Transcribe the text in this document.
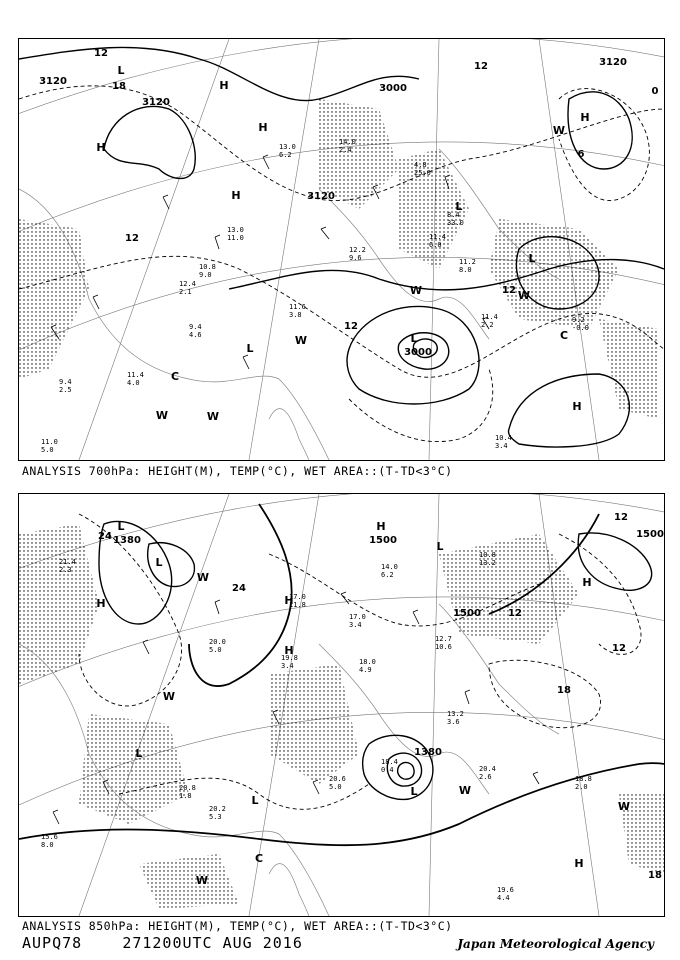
H
H
H
H
H
H
L
L
L
L
L
W	W
W
W
W
W
C
C
3120
3120
3120
3120
3000
3000
12
12
12
12
12
18
6
0
11.2
8.0
13.0
6.2
9.4
4.6
11.4
6.0
10.8
9.0
14.0
2.4
11.6
3.8
4.8
25.0
8.4
33.0
11.4
2.2
9.2
-0.0
10.4
3.4
11.0
5.0
9.4
2.5
12.4
2.1
11.4
4.0
13.0
11.0
12.2
9.6
ANALYSIS 700hPa: HEIGHT(M), TEMP(°C), WET AREA::(T-TD<3°C)
H	H
H
H
H
H
L
L
L
L
L
L
W
W
W
W
W
C
1380
1380
1500
1500
1500
24
24
18
18
12
12
12
20.6
5.0
20.4
2.6	18.8
2.0
20.2
5.3
19.6
4.4
20.0
5.0
19.8
3.4
18.4
0.4
17.0
11.8
14.0
6.2
18.0
4.9
12.7
10.6
21.4
2.3
20.8
1.8
15.6
8.0
17.0
3.4
13.2
3.6
10.8
13.2
ANALYSIS 850hPa: HEIGHT(M), TEMP(°C), WET AREA::(T-TD<3°C)
AUPQ78	271200UTC AUG 2016	Japan Meteorological Agency
